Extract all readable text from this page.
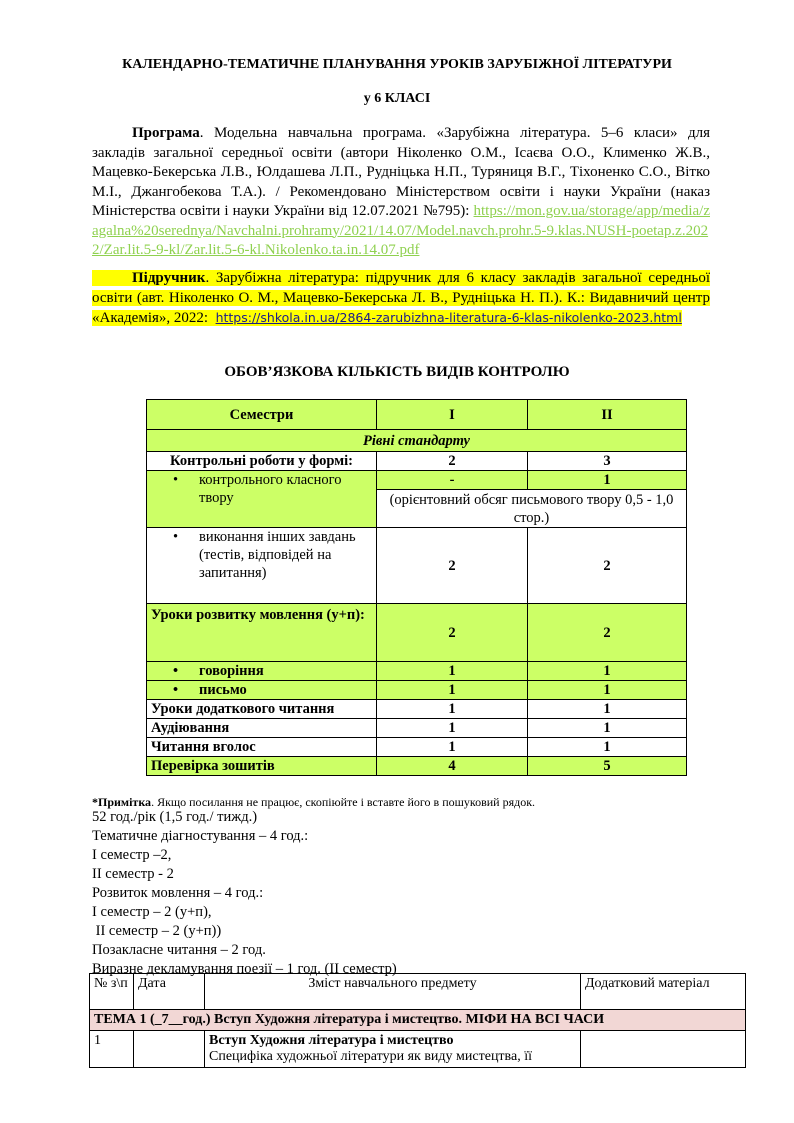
КАЛЕНДАРНО-ТЕМАТИЧНЕ ПЛАНУВАННЯ УРОКІВ ЗАРУБІЖНОЇ ЛІТЕРАТУРИ
у 6 КЛАСІ
Програма. Модельна навчальна програма. «Зарубіжна література. 5–6 класи» для закладів загальної середньої освіти (автори Ніколенко О.М., Ісаєва О.О., Клименко Ж.В., Мацевко-Бекерська Л.В., Юлдашева Л.П., Рудніцька Н.П., Туряниця В.Г., Тіхоненко С.О., Вітко М.І., Джангобекова Т.А.). / Рекомендовано Міністерством освіти і науки України (наказ Міністерства освіти і науки України від 12.07.2021 №795): https://mon.gov.ua/storage/app/media/zagalna%20serednya/Navchalni.prohramy/2021/14.07/Model.navch.prohr.5-9.klas.NUSH-poetap.z.2022/Zar.lit.5-9-kl/Zar.lit.5-6-kl.Nikolenko.ta.in.14.07.pdf
Підручник. Зарубіжна література: підручник для 6 класу закладів загальної середньої освіти (авт. Ніколенко О. М., Мацевко-Бекерська Л. В., Рудніцька Н. П.). К.: Видавничий центр «Академія», 2022: https://shkola.in.ua/2864-zarubizhna-literatura-6-klas-nikolenko-2023.html
ОБОВ’ЯЗКОВА КІЛЬКІСТЬ ВИДІВ КОНТРОЛЮ
Семестри	I	II
Рівні стандарту		
Контрольні роботи у формі:	2	3

• контрольного класного твору	-	1
	(орієнтовний обсяг письмового твору 0,5 - 1,0 стор.)	

• виконання інших завдань (тестів, відповідей на запитання)	2	2
Уроки розвитку мовлення (у+п):	2	2

• говоріння	1	1

• письмо	1	1
Уроки додаткового читання	1	1
Аудіювання	1	1
Читання вголос	1	1
Перевірка зошитів	4	5
*Примітка. Якщо посилання не працює, скопіюйте і вставте його в пошуковий рядок.
52 год./рік (1,5 год./ тижд.)
Тематичне діагностування – 4 год.:
І семестр –2,
ІІ семестр - 2
Розвиток мовлення – 4 год.:
І семестр – 2 (у+п),
ІІ семестр – 2 (у+п))
Позакласне читання – 2 год.
Виразне декламування поезії – 1 год. (ІІ семестр)
№ з\п	Дата	Зміст навчального предмету	Додатковий матеріал
ТЕМА 1 (_7__год.) Вступ Художня література і мистецтво. МІФИ НА ВСІ ЧАСИ			
1		Вступ Художня література і мистецтво
Специфіка художньої літератури як виду мистецтва, її	
